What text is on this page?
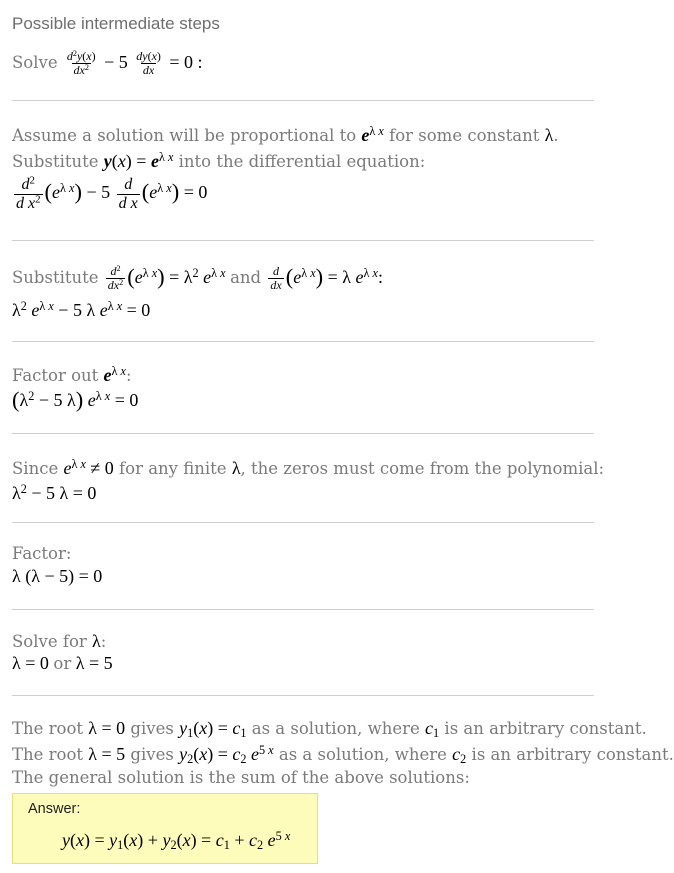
Possible intermediate steps
Solve $\frac{d^2y(x)}{dx^2} - 5 \frac{dy(x)}{dx} = 0$ :
Assume a solution will be proportional to $e^{\lambda x}$ for some constant λ.
Substitute $y(x) = e^{\lambda x}$ into the differential equation:
$\frac{d^2}{d x^2} (e^{\lambda x}) - 5 \frac{d}{\text{d x}} (e^{\lambda x}) = 0$
Substitute $\frac{d^2}{dx^2} (e^{\lambda x}) = \lambda^2$ $e^{\lambda x}$ and $\frac{d}{dx} (e^{\lambda x}) = \lambda$ $e^{\lambda x}$:
$\lambda^2$ $e^{\lambda x} - 5$ λ $e^{\lambda x} = 0$
Factor out $e^{\lambda x}$:
($\lambda^2 - 5$ λ) $e^{\lambda x} = 0$
Since $e^{\lambda x} \ne 0$ for any finite λ, the zeros must come from the polynomial:
$\lambda^2 - 5$ λ = 0
Factor:
λ (λ − 5) = 0
Solve for λ:
λ = 0 or λ = 5
The root λ = 0 gives $y_1(x) = c_1$ as a solution, where $c_1$ is an arbitrary constant.
The root λ = 5 gives $y_2(x) = c_2$ $e^{5 x}$ as a solution, where $c_2$ is an arbitrary constant.
The general solution is the sum of the above solutions:
Answer:
$y(x) = y_1(x) + y_2(x) = c_1 + c_2$ $e^{5 x}$
